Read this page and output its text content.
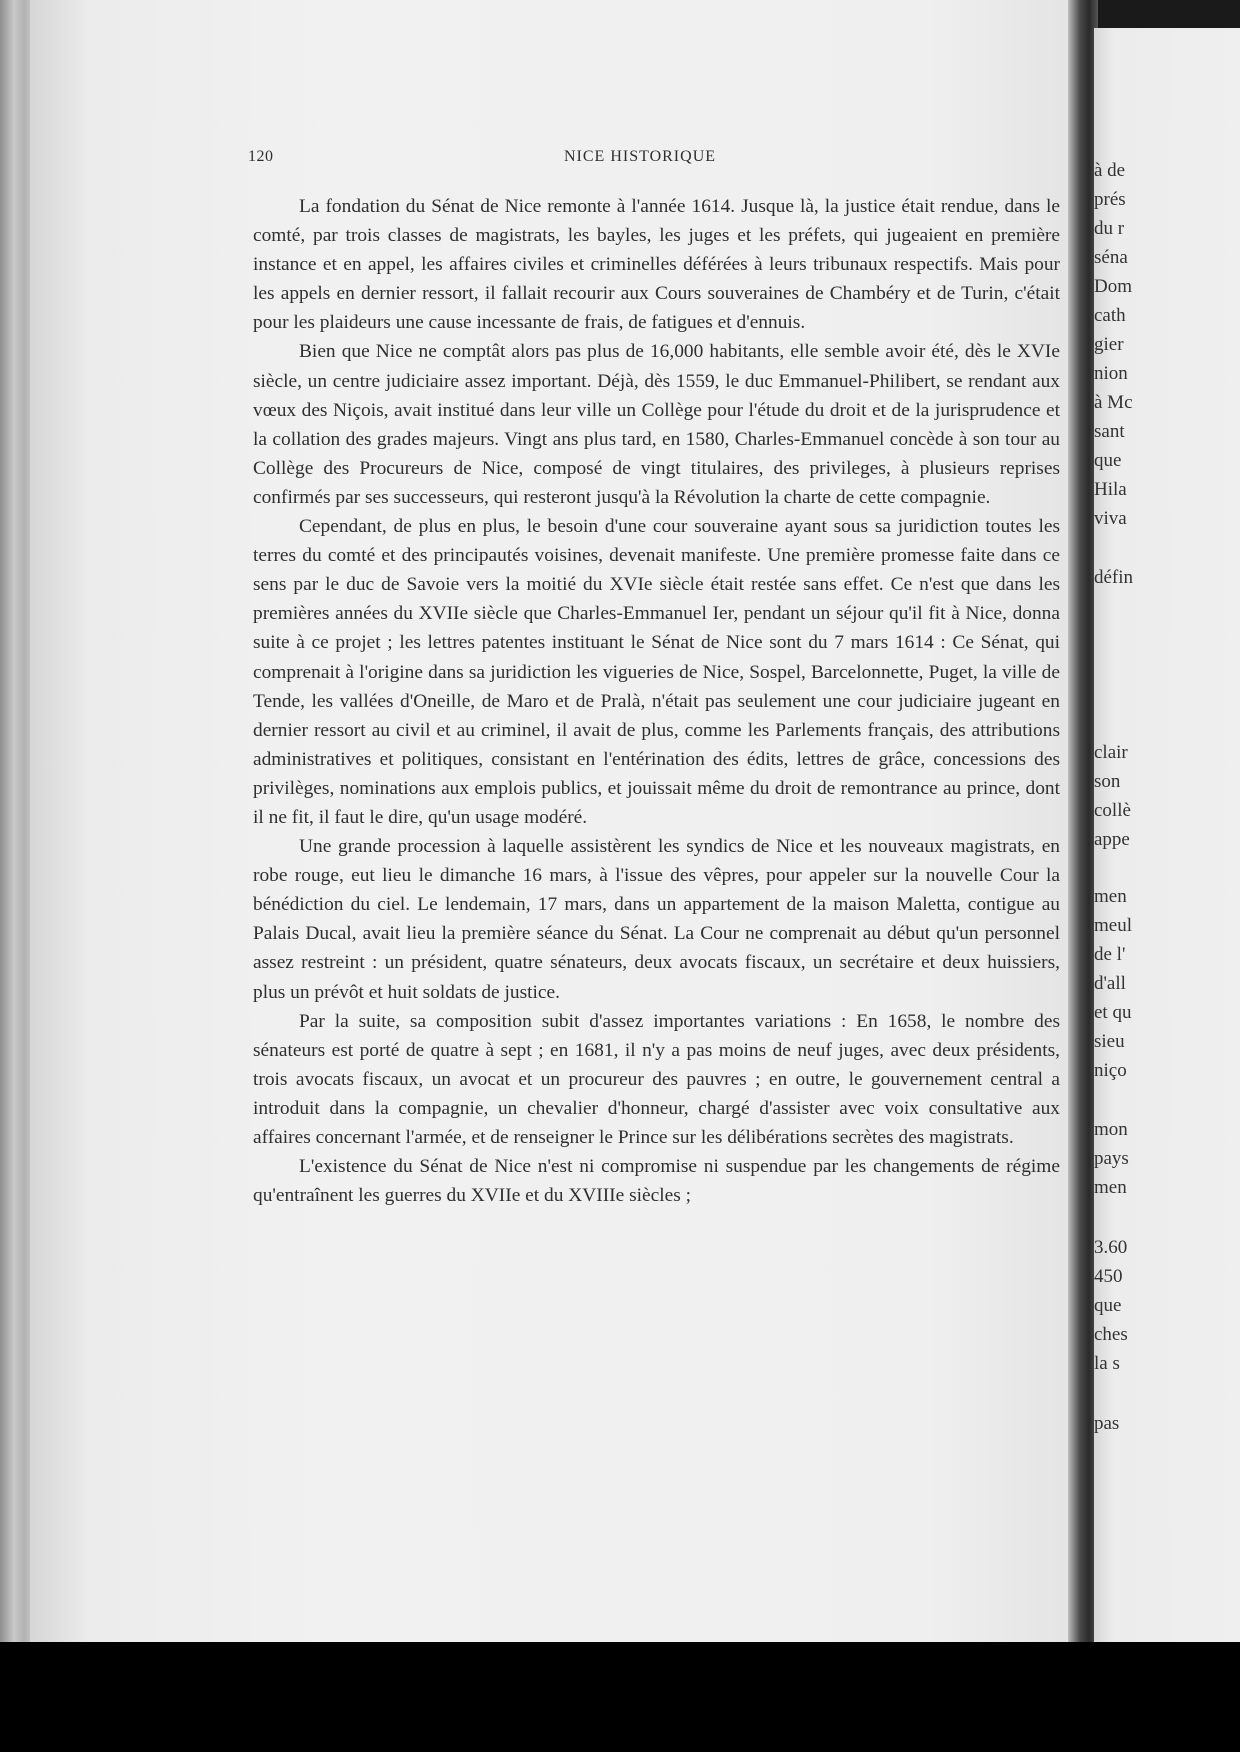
120	NICE HISTORIQUE

La fondation du Sénat de Nice remonte à l'année 1614. Jusque là, la justice était rendue, dans le comté, par trois classes de magistrats, les bayles, les juges et les préfets, qui jugeaient en première instance et en appel, les affaires civiles et criminelles déférées à leurs tribunaux respectifs. Mais pour les appels en dernier ressort, il fallait recourir aux Cours souveraines de Chambéry et de Turin, c'était pour les plaideurs une cause incessante de frais, de fatigues et d'ennuis.

Bien que Nice ne comptât alors pas plus de 16,000 habitants, elle semble avoir été, dès le XVIe siècle, un centre judiciaire assez important. Déjà, dès 1559, le duc Emmanuel-Philibert, se rendant aux vœux des Niçois, avait institué dans leur ville un Collège pour l'étude du droit et de la jurisprudence et la collation des grades majeurs. Vingt ans plus tard, en 1580, Charles-Emmanuel concède à son tour au Collège des Procureurs de Nice, composé de vingt titulaires, des privileges, à plusieurs reprises confirmés par ses successeurs, qui resteront jusqu'à la Révolution la charte de cette compagnie.

Cependant, de plus en plus, le besoin d'une cour souveraine ayant sous sa juridiction toutes les terres du comté et des principautés voisines, devenait manifeste. Une première promesse faite dans ce sens par le duc de Savoie vers la moitié du XVIe siècle était restée sans effet. Ce n'est que dans les premières années du XVIIe siècle que Charles-Emmanuel Ier, pendant un séjour qu'il fit à Nice, donna suite à ce projet ; les lettres patentes instituant le Sénat de Nice sont du 7 mars 1614 : Ce Sénat, qui comprenait à l'origine dans sa juridiction les vigueries de Nice, Sospel, Barcelonnette, Puget, la ville de Tende, les vallées d'Oneille, de Maro et de Pralà, n'était pas seulement une cour judiciaire jugeant en dernier ressort au civil et au criminel, il avait de plus, comme les Parlements français, des attributions administratives et politiques, consistant en l'entérination des édits, lettres de grâce, concessions des privilèges, nominations aux emplois publics, et jouissait même du droit de remontrance au prince, dont il ne fit, il faut le dire, qu'un usage modéré.

Une grande procession à laquelle assistèrent les syndics de Nice et les nouveaux magistrats, en robe rouge, eut lieu le dimanche 16 mars, à l'issue des vêpres, pour appeler sur la nouvelle Cour la bénédiction du ciel. Le lendemain, 17 mars, dans un appartement de la maison Maletta, contigue au Palais Ducal, avait lieu la première séance du Sénat. La Cour ne comprenait au début qu'un personnel assez restreint : un président, quatre sénateurs, deux avocats fiscaux, un secrétaire et deux huissiers, plus un prévôt et huit soldats de justice.

Par la suite, sa composition subit d'assez importantes variations : En 1658, le nombre des sénateurs est porté de quatre à sept ; en 1681, il n'y a pas moins de neuf juges, avec deux présidents, trois avocats fiscaux, un avocat et un procureur des pauvres ; en outre, le gouvernement central a introduit dans la compagnie, un chevalier d'honneur, chargé d'assister avec voix consultative aux affaires concernant l'armée, et de renseigner le Prince sur les délibérations secrètes des magistrats.

L'existence du Sénat de Nice n'est ni compromise ni suspendue par les changements de régime qu'entraînent les guerres du XVIIe et du XVIIIe siècles ;

à de
prés
du r
séna
Dom
cath
gier
nion
à Mc
sant
que
Hila
viva
défin
clair
son
collè
appe
men
meul
de l'
d'all
et qu
sieu
niço
mon
pays
men
3.60
450
que
ches
la s
pas
